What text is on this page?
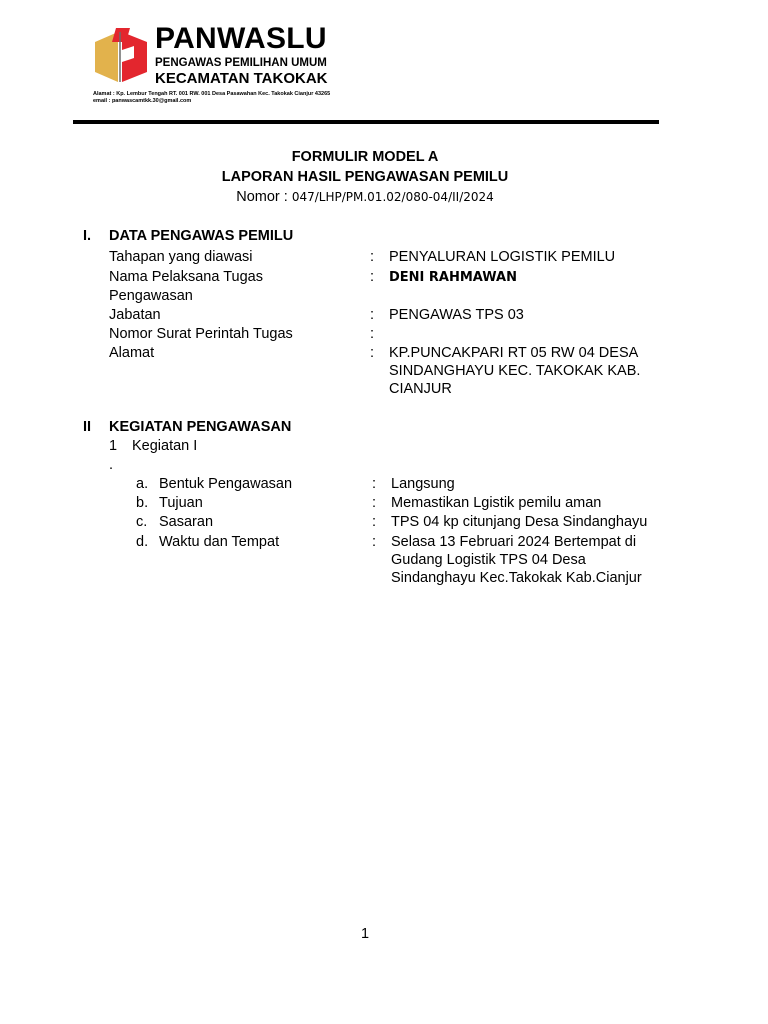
PANWASLU
PENGAWAS PEMILIHAN UMUM
KECAMATAN TAKOKAK
Alamat : Kp. Lembur Tengah RT. 001 RW. 001 Desa Pasawahan Kec. Takokak Cianjur 43265
email : panwascamtkk.30@gmail.com
FORMULIR MODEL A
LAPORAN HASIL PENGAWASAN PEMILU
Nomor : 047/LHP/PM.01.02/080-04/II/2024
I. DATA PENGAWAS PEMILU
Tahapan yang diawasi	: PENYALURAN LOGISTIK PEMILU
Nama Pelaksana Tugas
Pengawasan
: DENI RAHMAWAN
Jabatan	: PENGAWAS TPS 03
Nomor Surat Perintah Tugas	:
Alamat	: KP.PUNCAKPARI RT 05 RW 04 DESA
SINDANGHAYU KEC. TAKOKAK KAB.
CIANJUR
II KEGIATAN PENGAWASAN
1 Kegiatan I
.
a. Bentuk Pengawasan	: Langsung
b. Tujuan	: Memastikan Lgistik pemilu aman
c. Sasaran	: TPS 04 kp citunjang Desa Sindanghayu
d. Waktu dan Tempat	: Selasa 13 Februari 2024 Bertempat di
Gudang Logistik TPS 04 Desa
Sindanghayu Kec.Takokak Kab.Cianjur
1
